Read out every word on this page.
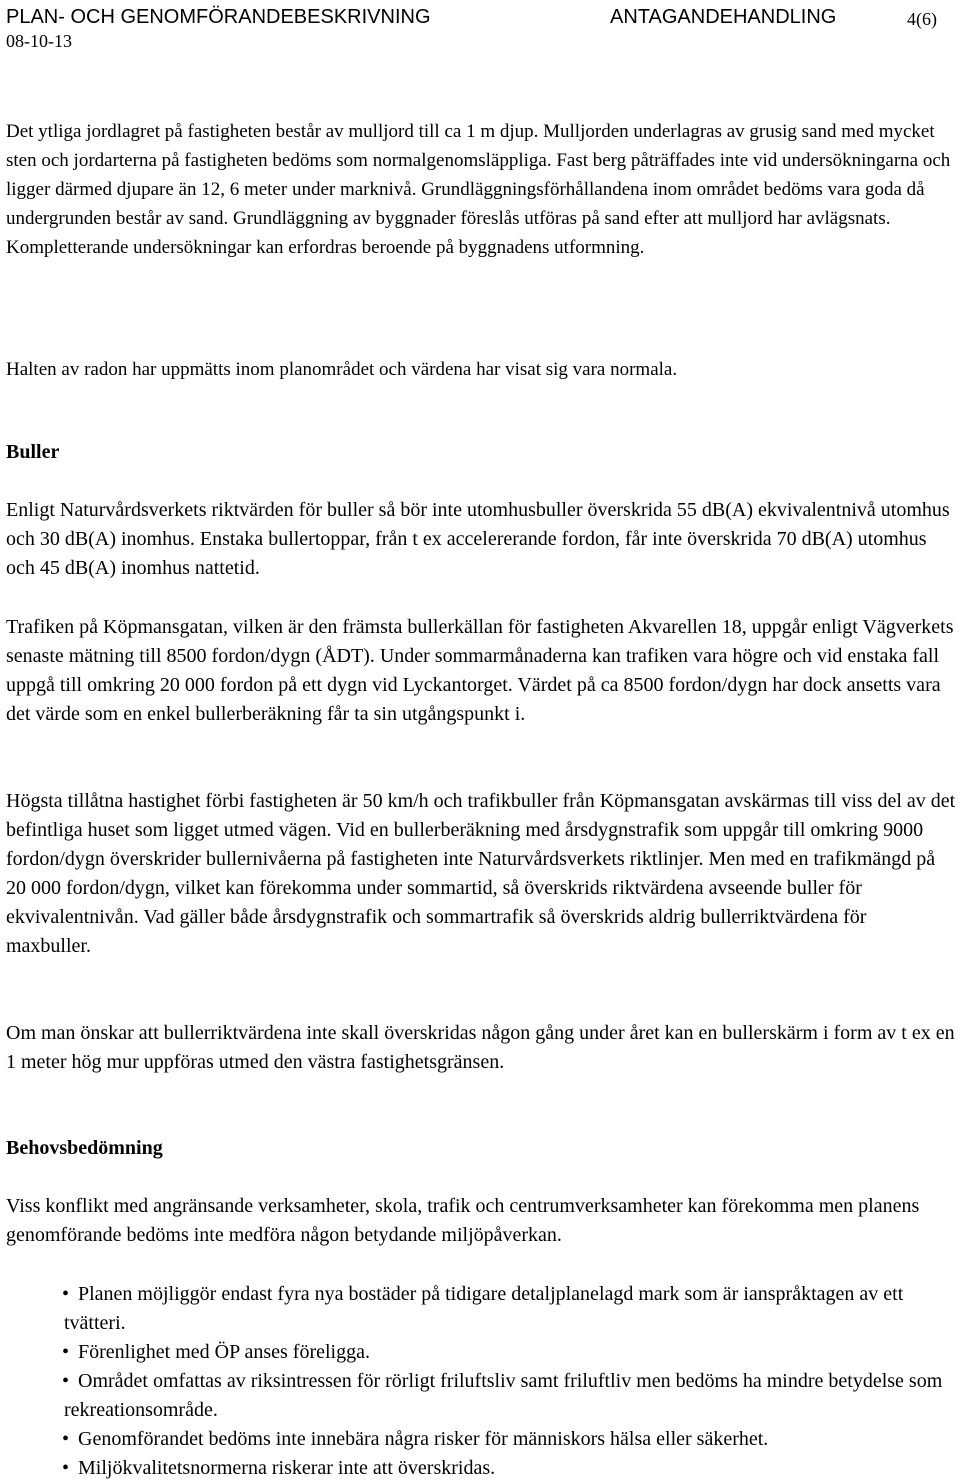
PLAN- OCH GENOMFÖRANDEBESKRIVNING	ANTAGANDEHANDLING	4(6)
08-10-13

Det ytliga jordlagret på fastigheten består av mulljord till ca 1 m djup. Mulljorden underlagras av grusig sand med mycket sten och jordarterna på fastigheten bedöms som normalgenomsläppliga. Fast berg påträffades inte vid undersökningarna och ligger därmed djupare än 12, 6 meter under marknivå. Grundläggningsförhållandena inom området bedöms vara goda då undergrunden består av sand. Grundläggning av byggnader föreslås utföras på sand efter att mulljord har avlägsnats. Kompletterande undersökningar kan erfordras beroende på byggnadens utformning.

Halten av radon har uppmätts inom planområdet och värdena har visat sig vara normala.

Buller

Enligt Naturvårdsverkets riktvärden för buller så bör inte utomhusbuller överskrida 55 dB(A) ekvivalentnivå utomhus och 30 dB(A) inomhus. Enstaka bullertoppar, från t ex accelererande fordon, får inte överskrida 70 dB(A) utomhus och 45 dB(A) inomhus nattetid.

Trafiken på Köpmansgatan, vilken är den främsta bullerkällan för fastigheten Akvarellen 18, uppgår enligt Vägverkets senaste mätning till 8500 fordon/dygn (ÅDT). Under sommarmånaderna kan trafiken vara högre och vid enstaka fall uppgå till omkring 20 000 fordon på ett dygn vid Lyckantorget. Värdet på ca 8500 fordon/dygn har dock ansetts vara det värde som en enkel bullerberäkning får ta sin utgångspunkt i.

Högsta tillåtna hastighet förbi fastigheten är 50 km/h och trafikbuller från Köpmansgatan avskärmas till viss del av det befintliga huset som ligget utmed vägen. Vid en bullerberäkning med årsdygnstrafik som uppgår till omkring 9000 fordon/dygn överskrider bullernivåerna på fastigheten inte Naturvårdsverkets riktlinjer. Men med en trafikmängd på 20 000 fordon/dygn, vilket kan förekomma under sommartid, så överskrids riktvärdena avseende buller för ekvivalentnivån. Vad gäller både årsdygnstrafik och sommartrafik så överskrids aldrig bullerriktvärdena för maxbuller.

Om man önskar att bullerriktvärdena inte skall överskridas någon gång under året kan en bullerskärm i form av t ex en 1 meter hög mur uppföras utmed den västra fastighetsgränsen.

Behovsbedömning

Viss konflikt med angränsande verksamheter, skola, trafik och centrumverksamheter kan förekomma men planens genomförande bedöms inte medföra någon betydande miljöpåverkan.

• Planen möjliggör endast fyra nya bostäder på tidigare detaljplanelagd mark som är ianspråktagen av ett tvätteri.
• Förenlighet med ÖP anses föreligga.
• Området omfattas av riksintressen för rörligt friluftsliv samt friluftliv men bedöms ha mindre betydelse som rekreationsområde.
• Genomförandet bedöms inte innebära några risker för människors hälsa eller säkerhet.
• Miljökvalitetsnormerna riskerar inte att överskridas.
